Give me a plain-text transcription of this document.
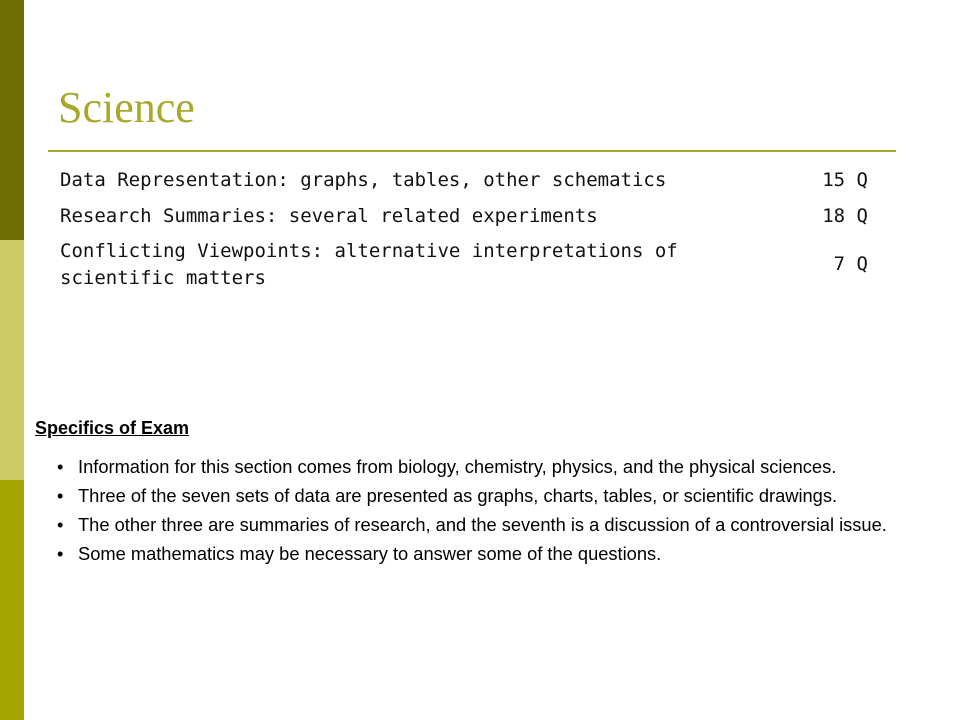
Science
Data Representation: graphs, tables, other schematics	15 Q
Research Summaries: several related experiments	18 Q
Conflicting Viewpoints: alternative interpretations of scientific matters	7 Q
Specifics of Exam
• Information for this section comes from biology, chemistry, physics, and the physical sciences.
• Three of the seven sets of data are presented as graphs, charts, tables, or scientific drawings.
• The other three are summaries of research, and the seventh is a discussion of a controversial issue.
• Some mathematics may be necessary to answer some of the questions.
